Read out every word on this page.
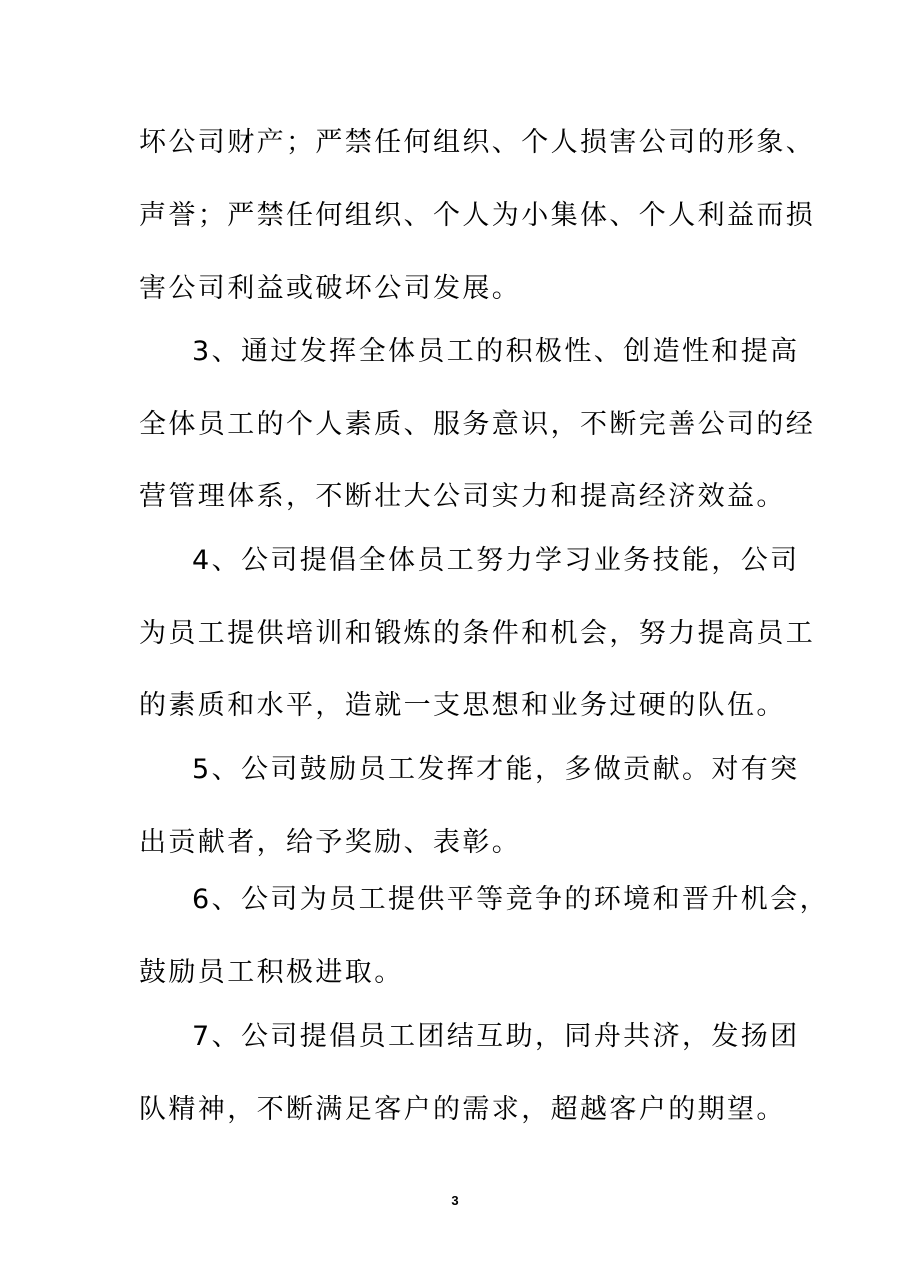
坏公司财产；严禁任何组织、个人损害公司的形象、
声誉；严禁任何组织、个人为小集体、个人利益而损
害公司利益或破坏公司发展。
3、通过发挥全体员工的积极性、创造性和提高
全体员工的个人素质、服务意识，不断完善公司的经
营管理体系，不断壮大公司实力和提高经济效益。
4、公司提倡全体员工努力学习业务技能，公司
为员工提供培训和锻炼的条件和机会，努力提高员工
的素质和水平，造就一支思想和业务过硬的队伍。
5、公司鼓励员工发挥才能，多做贡献。对有突
出贡献者，给予奖励、表彰。
6、公司为员工提供平等竞争的环境和晋升机会，
鼓励员工积极进取。
7、公司提倡员工团结互助，同舟共济，发扬团
队精神，不断满足客户的需求，超越客户的期望。
3
